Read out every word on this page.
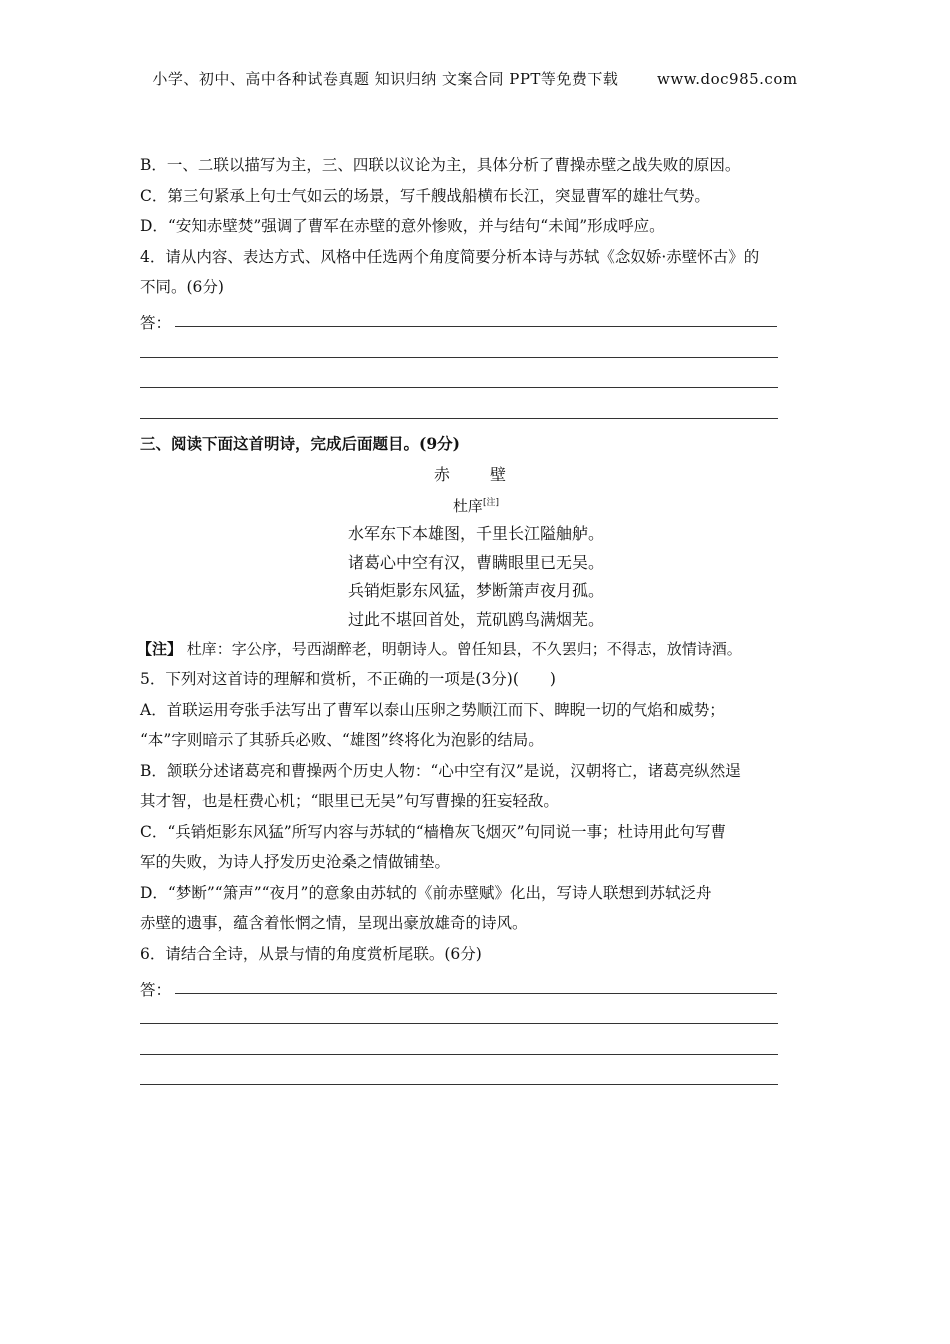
小学、初中、高中各种试卷真题 知识归纳 文案合同 PPT等免费下载	www.doc985.com
B．一、二联以描写为主，三、四联以议论为主，具体分析了曹操赤壁之战失败的原因。
C．第三句紧承上句士气如云的场景，写千艘战船横布长江，突显曹军的雄壮气势。
D．“安知赤壁焚”强调了曹军在赤壁的意外惨败，并与结句“未闻”形成呼应。
4．请从内容、表达方式、风格中任选两个角度简要分析本诗与苏轼《念奴娇·赤壁怀古》的
不同。(6分)
答：
三、阅读下面这首明诗，完成后面题目。(9分)
赤　壁
杜庠[注]
水军东下本雄图，千里长江隘舳舻。
诸葛心中空有汉，曹瞒眼里已无吴。
兵销炬影东风猛，梦断箫声夜月孤。
过此不堪回首处，荒矶鸥鸟满烟芜。
【注】 杜庠：字公序，号西湖醉老，明朝诗人。曾任知县，不久罢归；不得志，放情诗酒。
5．下列对这首诗的理解和赏析，不正确的一项是(3分)(　　)
A．首联运用夸张手法写出了曹军以泰山压卵之势顺江而下、睥睨一切的气焰和威势；
“本”字则暗示了其骄兵必败、“雄图”终将化为泡影的结局。
B．颔联分述诸葛亮和曹操两个历史人物：“心中空有汉”是说，汉朝将亡，诸葛亮纵然逞
其才智，也是枉费心机；“眼里已无吴”句写曹操的狂妄轻敌。
C．“兵销炬影东风猛”所写内容与苏轼的“樯橹灰飞烟灭”句同说一事；杜诗用此句写曹
军的失败，为诗人抒发历史沧桑之情做铺垫。
D．“梦断”“箫声”“夜月”的意象由苏轼的《前赤壁赋》化出，写诗人联想到苏轼泛舟
赤壁的遗事，蕴含着怅惘之情，呈现出豪放雄奇的诗风。
6．请结合全诗，从景与情的角度赏析尾联。(6分)
答：
